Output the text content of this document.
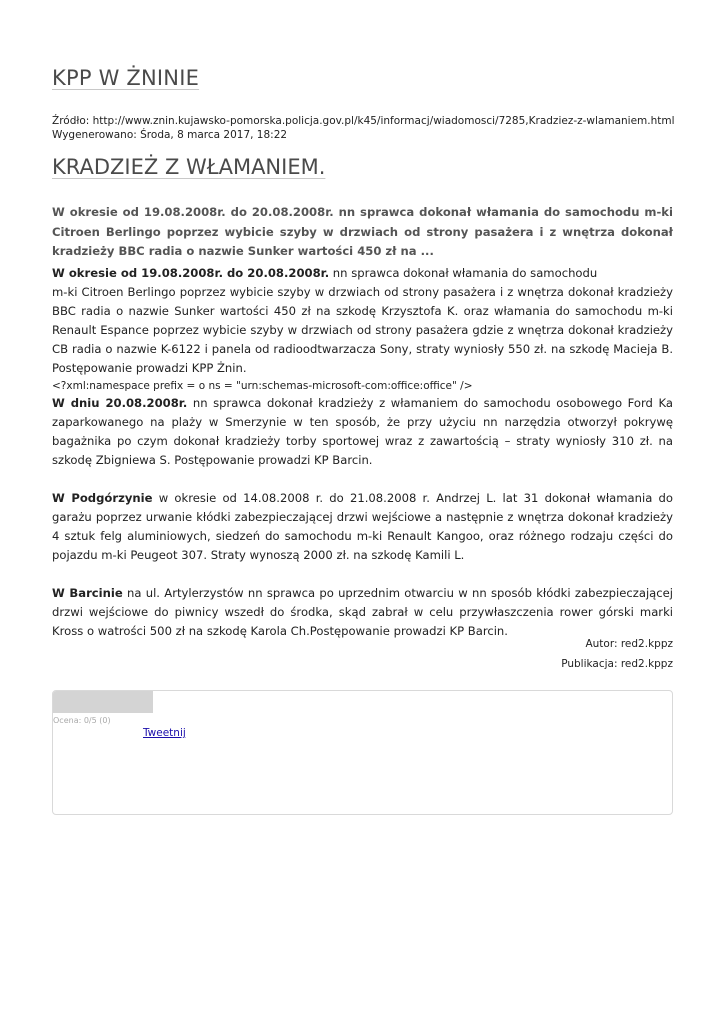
KPP W ŻNINIE
Źródło: http://www.znin.kujawsko-pomorska.policja.gov.pl/k45/informacj/wiadomosci/7285,Kradziez-z-wlamaniem.html
Wygenerowano: Środa, 8 marca 2017, 18:22
KRADZIEŻ Z WŁAMANIEM.
W okresie od 19.08.2008r. do 20.08.2008r. nn sprawca dokonał włamania do samochodu m-ki Citroen Berlingo poprzez wybicie szyby w drzwiach od strony pasażera i z wnętrza dokonał kradzieży BBC radia o nazwie Sunker wartości 450 zł na ...

W okresie od 19.08.2008r. do 20.08.2008r. nn sprawca dokonał włamania do samochodu
m-ki Citroen Berlingo poprzez wybicie szyby w drzwiach od strony pasażera i z wnętrza dokonał kradzieży BBC radia o nazwie Sunker wartości 450 zł na szkodę Krzysztofa K. oraz włamania do samochodu m-ki Renault Espance poprzez wybicie szyby w drzwiach od strony pasażera gdzie z wnętrza dokonał kradzieży CB radia o nazwie K-6122 i panela od radioodtwarzacza Sony, straty wyniosły 550 zł. na szkodę Macieja B. Postępowanie prowadzi KPP Żnin.

<?xml:namespace prefix = o ns = "urn:schemas-microsoft-com:office:office" />

W dniu 20.08.2008r. nn sprawca dokonał kradzieży z włamaniem do samochodu osobowego Ford Ka zaparkowanego na plaży w Smerzynie w ten sposób, że przy użyciu nn narzędzia otworzył pokrywę bagażnika po czym dokonał kradzieży torby sportowej wraz z zawartością – straty wyniosły 310 zł. na szkodę Zbigniewa S. Postępowanie prowadzi KP Barcin.

W Podgórzynie w okresie od 14.08.2008 r. do 21.08.2008 r. Andrzej L. lat 31 dokonał włamania do garażu poprzez urwanie kłódki zabezpieczającej drzwi wejściowe a następnie z wnętrza dokonał kradzieży 4 sztuk felg aluminiowych, siedzeń do samochodu m-ki Renault Kangoo, oraz różnego rodzaju części do pojazdu m-ki Peugeot 307. Straty wynoszą 2000 zł. na szkodę Kamili L.

W Barcinie na ul. Artylerzystów nn sprawca po uprzednim otwarciu w nn sposób kłódki zabezpieczającej drzwi wejściowe do piwnicy wszedł do środka, skąd zabrał w celu przywłaszczenia rower górski marki Kross o watrości 500 zł na szkodę Karola Ch.Postępowanie prowadzi KP Barcin.

Autor: red2.kppz
Publikacja: red2.kppz
Ocena: 0/5 (0)
Tweetnij
